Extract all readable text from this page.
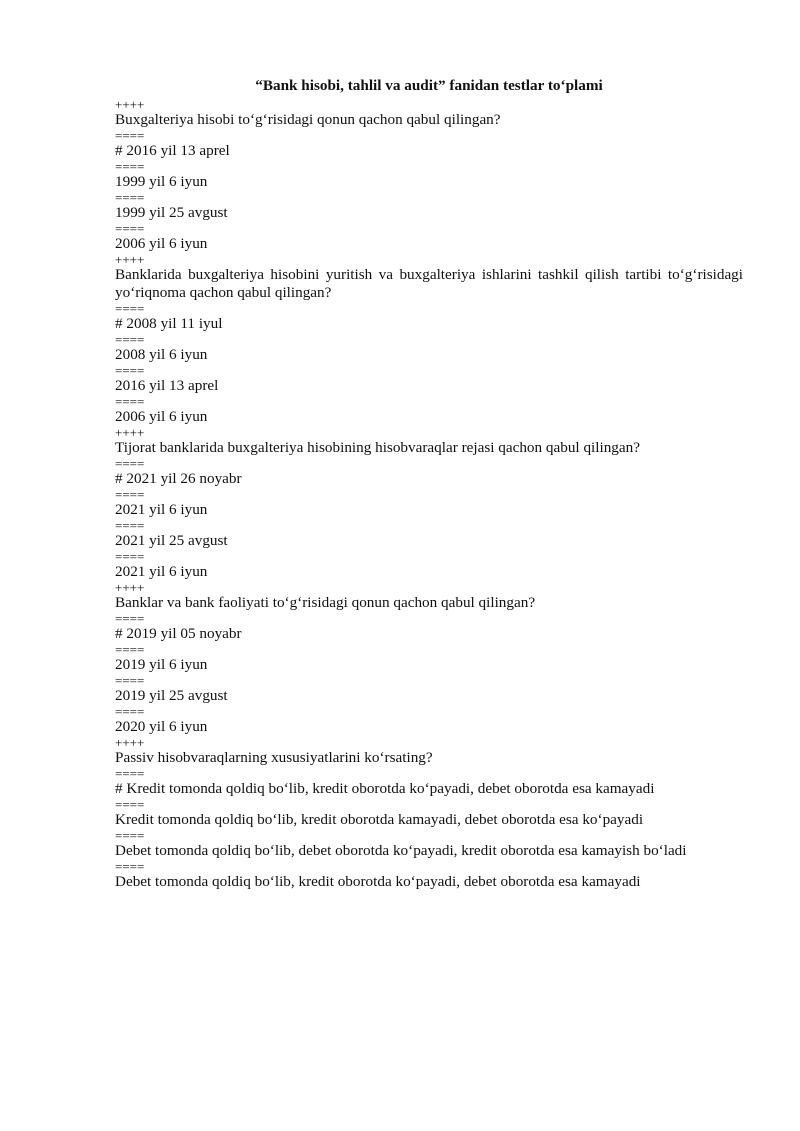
“Bank hisobi, tahlil va audit” fanidan testlar to‘plami
++++
Buxgalteriya hisobi to‘g‘risidagi qonun qachon qabul qilingan?
====
# 2016 yil 13 aprel
====
1999 yil 6 iyun
====
1999 yil 25 avgust
====
2006 yil 6 iyun
++++
Banklarida buxgalteriya hisobini yuritish va buxgalteriya ishlarini tashkil qilish tartibi to‘g‘risidagi yo‘riqnoma qachon qabul qilingan?
====
# 2008 yil 11 iyul
====
2008 yil 6 iyun
====
2016 yil 13 aprel
====
2006 yil 6 iyun
++++
Tijorat banklarida buxgalteriya hisobining hisobvaraqlar rejasi qachon qabul qilingan?
====
# 2021 yil 26 noyabr
====
2021 yil 6 iyun
====
2021 yil 25 avgust
====
2021 yil 6 iyun
++++
Banklar va bank faoliyati to‘g‘risidagi qonun qachon qabul qilingan?
====
# 2019 yil 05 noyabr
====
2019 yil 6 iyun
====
2019 yil 25 avgust
====
2020 yil 6 iyun
++++
Passiv hisobvaraqlarning xususiyatlarini ko‘rsating?
====
# Kredit tomonda qoldiq bo‘lib, kredit oborotda ko‘payadi, debet oborotda esa kamayadi
====
Kredit tomonda qoldiq bo‘lib, kredit oborotda kamayadi, debet oborotda esa ko‘payadi
====
Debet tomonda qoldiq bo‘lib, debet oborotda ko‘payadi, kredit oborotda esa kamayish bo‘ladi
====
Debet tomonda qoldiq bo‘lib, kredit oborotda ko‘payadi, debet oborotda esa kamayadi
